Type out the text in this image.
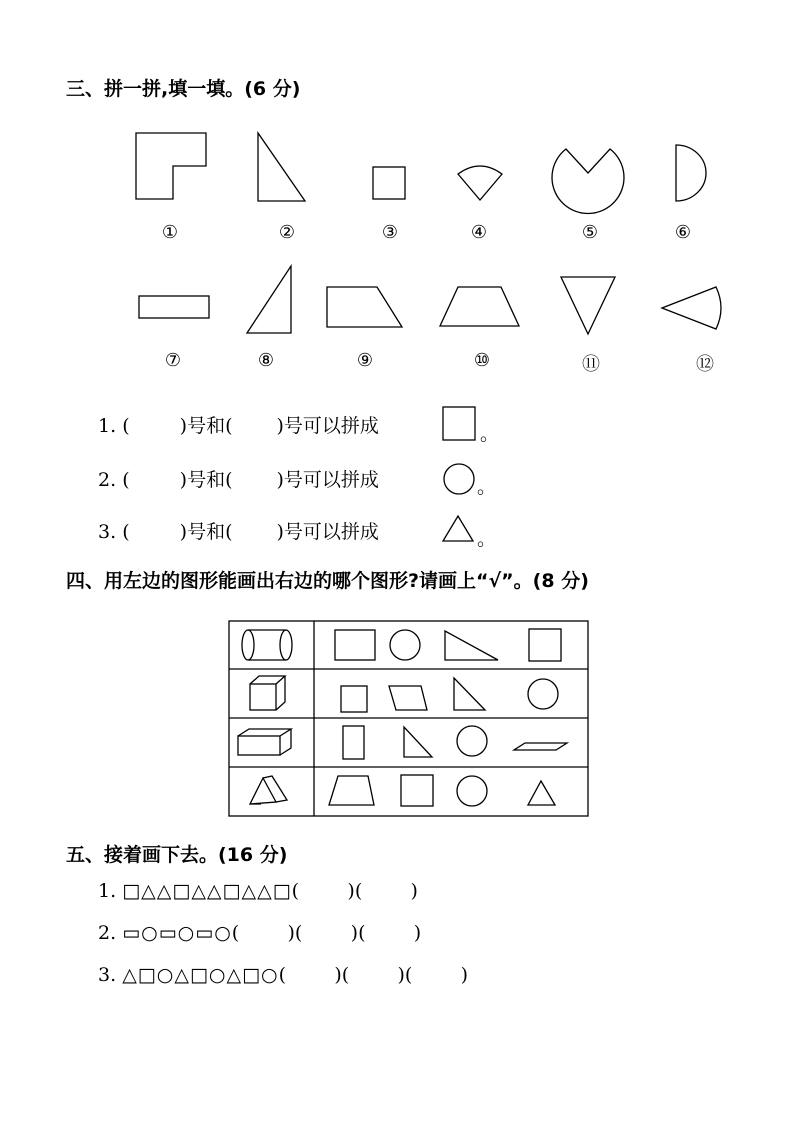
三、拼一拼,填一填。(6 分)
①	②	③	④	⑤	⑥
⑦	⑧	⑨	⑩	⑪	⑫
1. (	)号和( )号可以拼成
2. (	)号和( )号可以拼成
3. (	)号和( )号可以拼成
。
。
。
四、用左边的图形能画出右边的哪个图形?请画上“√”。(8 分)
五、接着画下去。(16 分)
1. □△△□△△□△△□(        )(        )
2. ▭○▭○▭○(        )(        )(        )
3. △□○△□○△□○(        )(        )(        )
